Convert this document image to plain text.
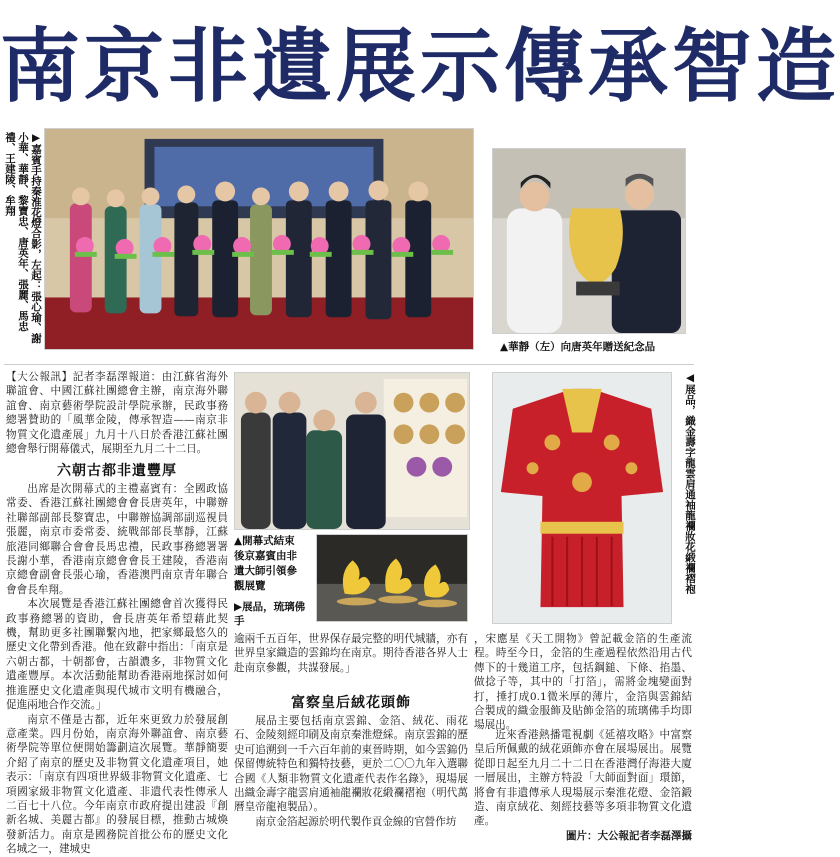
南京非遺展示傳承智造
▶嘉賓手持秦淮花燈合影，左起：張心瑜、謝小華、華靜、黎寶忠、唐英年、張麗、馬忠禮、王建陵、牟翔
▲華靜（左）向唐英年贈送紀念品

【大公報訊】記者李磊澤報道：由江蘇省海外聯誼會、中國江蘇社團總會主辦，南京海外聯誼會、南京藝術學院設計學院承辦，民政事務總署贊助的「風華金陵，傳承智造——南京非物質文化遺產展」九月十八日於香港江蘇社團總會舉行開幕儀式，展期至九月二十二日。

六朝古都非遺豐厚

出席是次開幕式的主禮嘉賓有：全國政協常委、香港江蘇社團總會會長唐英年，中聯辦社聯部副部長黎寶忠，中聯辦協調部副巡視員張麗，南京市委常委、統戰部部長華靜，江蘇旅港同鄉聯合會會長馬忠禮，民政事務總署署長謝小華，香港南京總會會長王建陵，香港南京總會副會長張心瑜，香港澳門南京青年聯合會會長牟翔。

本次展覽是香港江蘇社團總會首次獲得民政事務總署的資助，會長唐英年希望藉此契機，幫助更多社團聯繫內地，把家鄉最悠久的歷史文化帶到香港。他在致辭中指出：「南京是六朝古都，十朝都會，古韻濃多，非物質文化遺產豐厚。本次活動能幫助香港兩地探討如何推進歷史文化遺產與現代城市文明有機融合，促進兩地合作交流。」

南京不僅是古都，近年來更致力於發展創意產業。四月份始，南京海外聯誼會、南京藝術學院等單位便開始籌劃這次展覽。華靜簡要介紹了南京的歷史及非物質文化遺產項目，她表示：「南京有四項世界級非物質文化遺產、七項國家級非物質文化遺產、非遺代表性傳承人二百七十八位。今年南京市政府提出建設『創新名城、美麗古都』的發展目標，推動古城煥發新活力。南京是國務院首批公布的歷史文化名城之一，建城史

▲開幕式結束後京嘉賓由非遺大師引領參觀展覽
▶展品，琉璃佛手
◀展品，織金壽字龍雲肩通袖龍襴妝花緞襴褶袍

逾兩千五百年，世界保存最完整的明代城牆，亦有世界皇家織造的雲錦均在南京。期待香港各界人士赴南京參觀，共謀發展。」

富察皇后絨花頭飾

展品主要包括南京雲錦、金箔、絨花、雨花石、金陵刻經印刷及南京秦淮燈綵。南京雲錦的歷史可追溯到一千六百年前的東晉時期，如今雲錦仍保留傳統特色和獨特技藝，更於二〇〇九年入選聯合國《人類非物質文化遺產代表作名錄》，現場展出織金壽字龍雲肩通袖龍襴妝花緞襴褶袍（明代萬曆皇帝龍袍製品）。

南京金箔起源於明代製作貢金線的官營作坊

，宋應星《天工開物》曾記載金箔的生產流程。時至今日，金箔的生產過程依然沿用古代傳下的十幾道工序，包括鋼鎚、下條、掐墨、做捻子等，其中的「打箔」，需將金塊變面對打，捶打成0.1微米厚的薄片，金箔與雲錦結合製成的織金服飾及貼飾金箔的琉璃佛手均即場展出。

近來香港熱播電視劇《延禧攻略》中富察皇后所佩戴的絨花頭飾亦會在展場展出。展覽從即日起至九月二十二日在香港灣仔海港大廈一層展出，主辦方特設「大師面對面」環節，將會有非遺傳承人現場展示秦淮花燈、金箔鍛造、南京絨花、刻經技藝等多項非物質文化遺產。

圖片：大公報記者李磊澤攝
